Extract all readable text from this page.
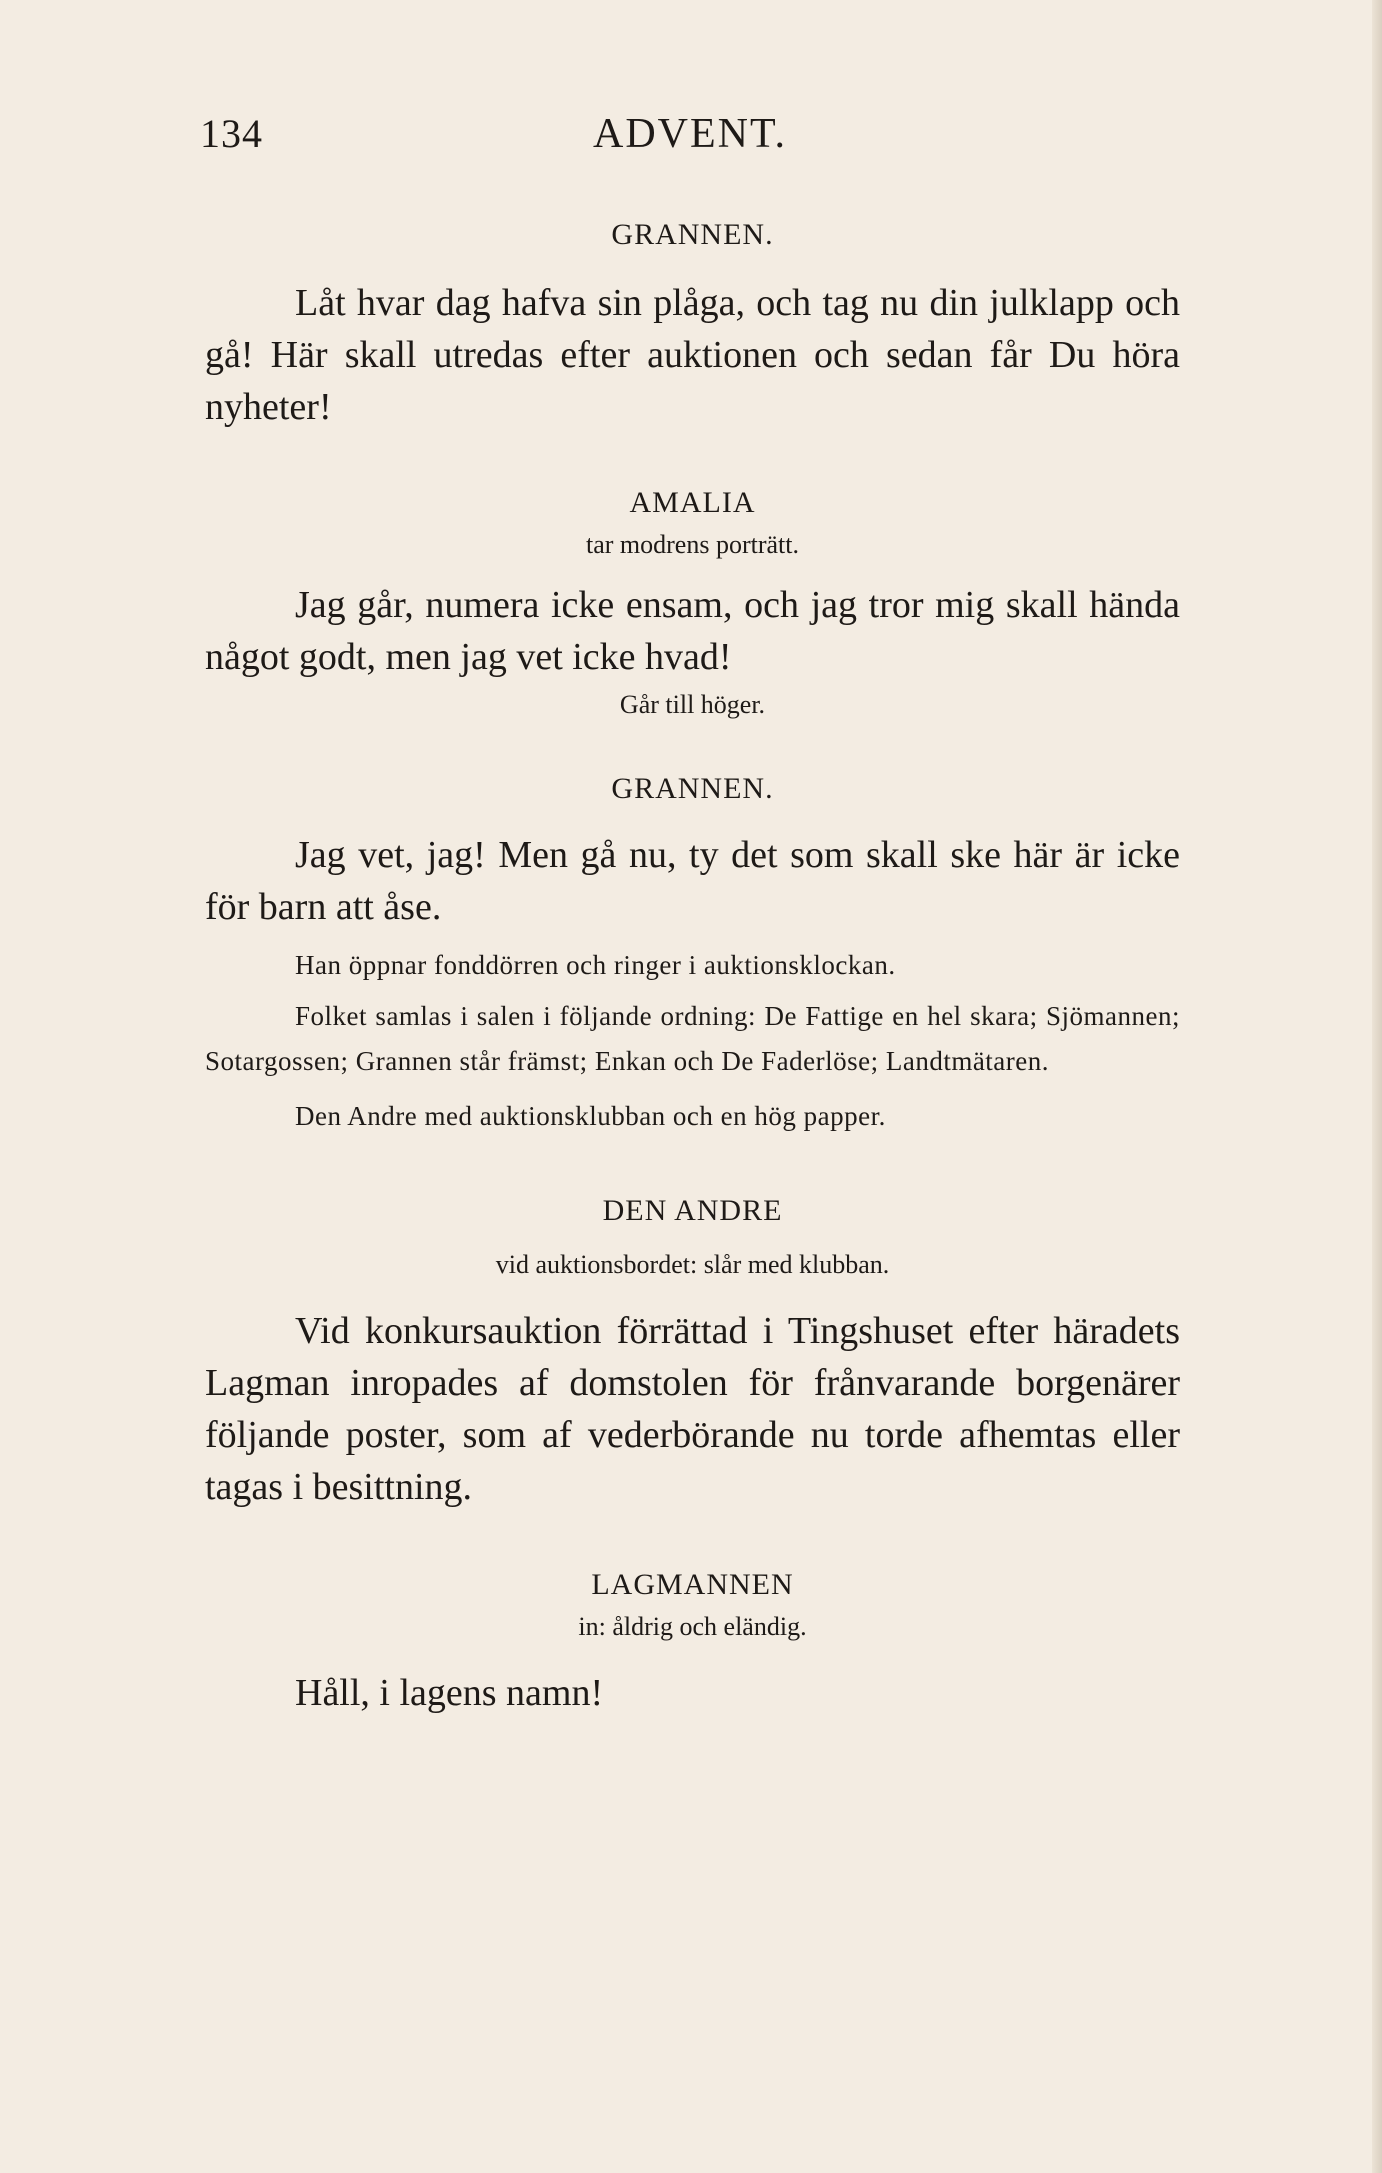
134	ADVENT.

GRANNEN.

Låt hvar dag hafva sin plåga, och tag nu din julklapp och gå! Här skall utredas efter auktionen och sedan får Du höra nyheter!

AMALIA

tar modrens porträtt.

Jag går, numera icke ensam, och jag tror mig skall hända något godt, men jag vet icke hvad!

Går till höger.

GRANNEN.

Jag vet, jag! Men gå nu, ty det som skall ske här är icke för barn att åse.

Han öppnar fonddörren och ringer i auktionsklockan.

Folket samlas i salen i följande ordning: De Fattige en hel skara; Sjömannen; Sotargossen; Grannen står främst; Enkan och De Faderlöse; Landtmätaren.

Den Andre med auktionsklubban och en hög papper.

DEN ANDRE

vid auktionsbordet: slår med klubban.

Vid konkursauktion förrättad i Tingshuset efter häradets Lagman inropades af domstolen för frånvarande borgenärer följande poster, som af vederbörande nu torde afhemtas eller tagas i besittning.

LAGMANNEN

in: åldrig och eländig.

Håll, i lagens namn!
